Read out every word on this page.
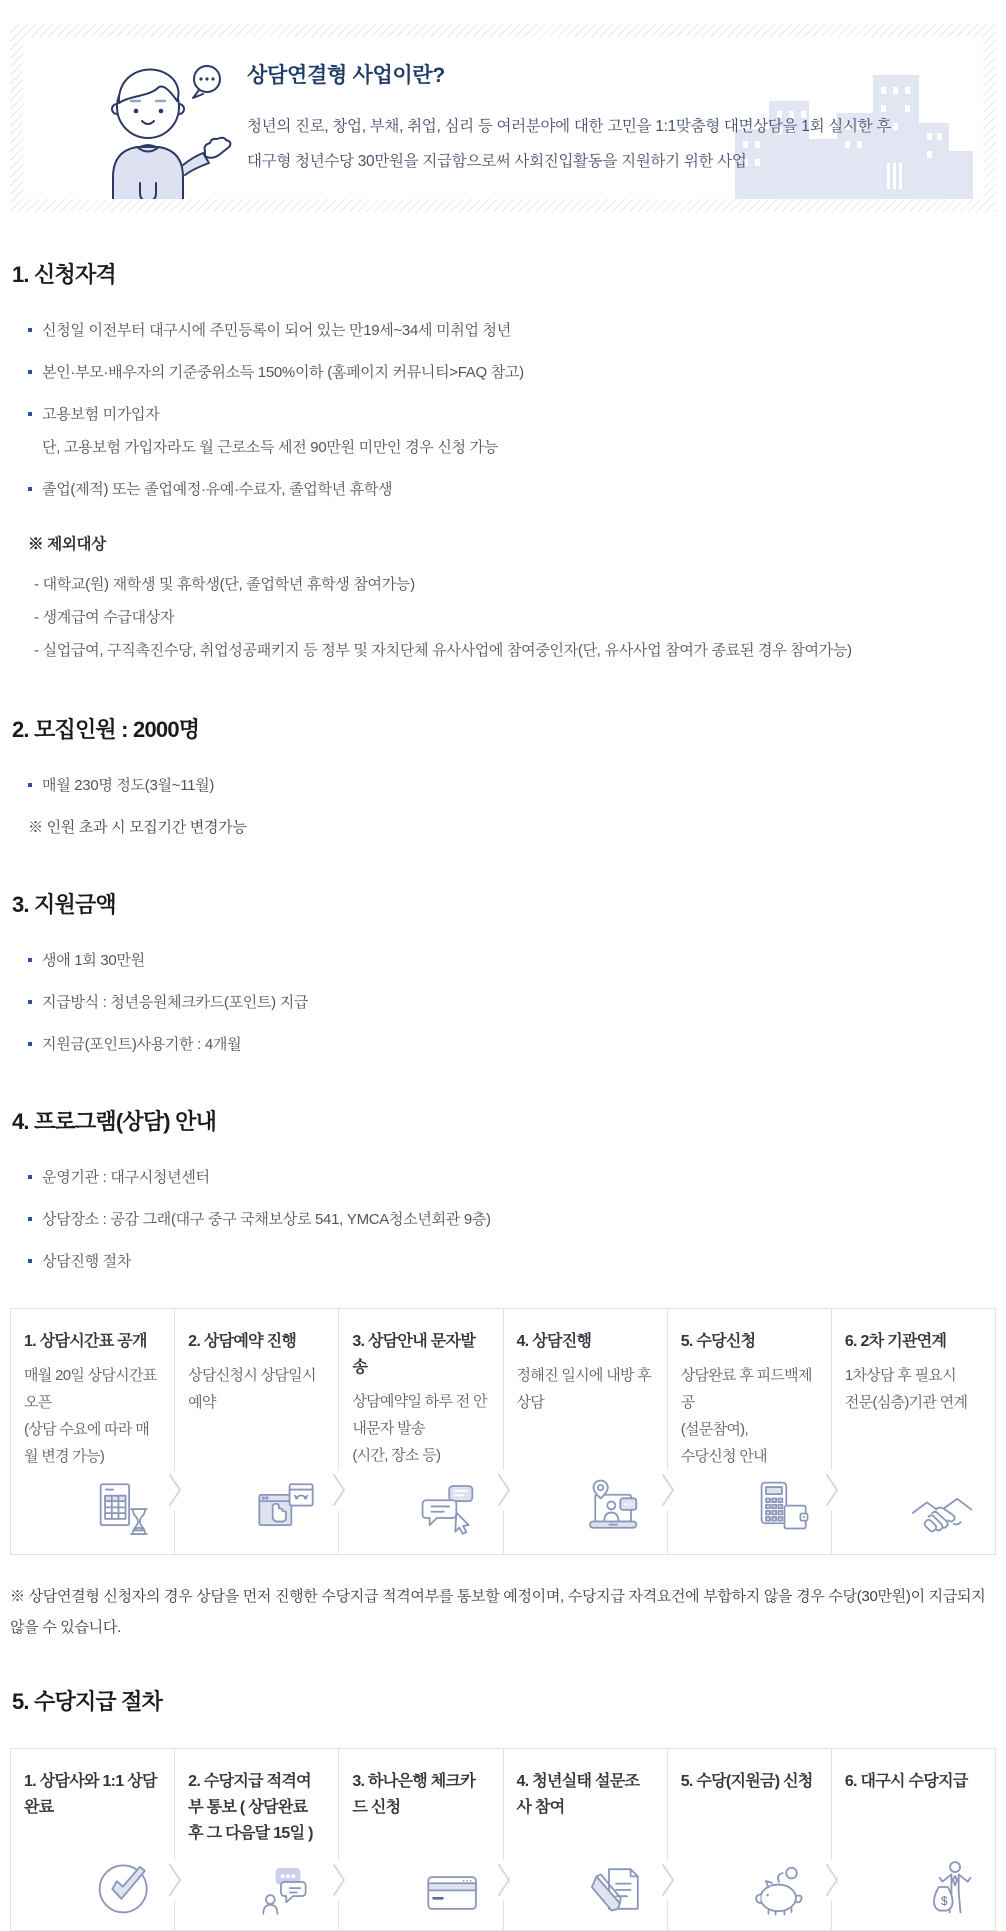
상담연결형 사업이란?
청년의 진로, 창업, 부채, 취업, 심리 등 여러분야에 대한 고민을 1:1맞춤형 대면상담을 1회 실시한 후
대구형 청년수당 30만원을 지급함으로써 사회진입활동을 지원하기 위한 사업
1. 신청자격
신청일 이전부터 대구시에 주민등록이 되어 있는 만19세~34세 미취업 청년
본인·부모·배우자의 기준중위소득 150%이하 (홈페이지 커뮤니티>FAQ 참고)
고용보험 미가입자
단, 고용보험 가입자라도 월 근로소득 세전 90만원 미만인 경우 신청 가능
졸업(제적) 또는 졸업예정·유예·수료자, 졸업학년 휴학생
※ 제외대상
- 대학교(원) 재학생 및 휴학생(단, 졸업학년 휴학생 참여가능)
- 생계급여 수급대상자
- 실업급여, 구직촉진수당, 취업성공패키지 등 정부 및 자치단체 유사사업에 참여중인자(단, 유사사업 참여가 종료된 경우 참여가능)
2. 모집인원 : 2000명
매월 230명 정도(3월~11월)
※ 인원 초과 시 모집기간 변경가능
3. 지원금액
생애 1회 30만원
지급방식 : 청년응원체크카드(포인트) 지급
지원금(포인트)사용기한 : 4개월
4. 프로그램(상담) 안내
운영기관 : 대구시청년센터
상담장소 : 공감 그래(대구 중구 국채보상로 541, YMCA청소년회관 9층)
상담진행 절차
1. 상담시간표 공개
매월 20일 상담시간표 오픈
(상담 수요에 따라 매월 변경 가능)
2. 상담예약 진행
상담신청시 상담일시 예약
3. 상담안내 문자발송
상담예약일 하루 전 안내문자 발송
(시간, 장소 등)
4. 상담진행
정해진 일시에 내방 후 상담
5. 수당신청
상담완료 후 피드백제공
(설문참여),
수당신청 안내
6. 2차 기관연계
1차상담 후 필요시
전문(심층)기관 연계
※ 상담연결형 신청자의 경우 상담을 먼저 진행한 수당지급 적격여부를 통보할 예정이며, 수당지급 자격요건에 부합하지 않을 경우 수당(30만원)이 지급되지 않을 수 있습니다.
5. 수당지급 절차
1. 상담사와 1:1 상담 완료
2. 수당지급 적격여부 통보 ( 상담완료 후 그 다음달 15일 )
3. 하나은행 체크카드 신청
4. 청년실태 설문조사 참여
5. 수당(지원금) 신청	6. 대구시 수당지급
$
